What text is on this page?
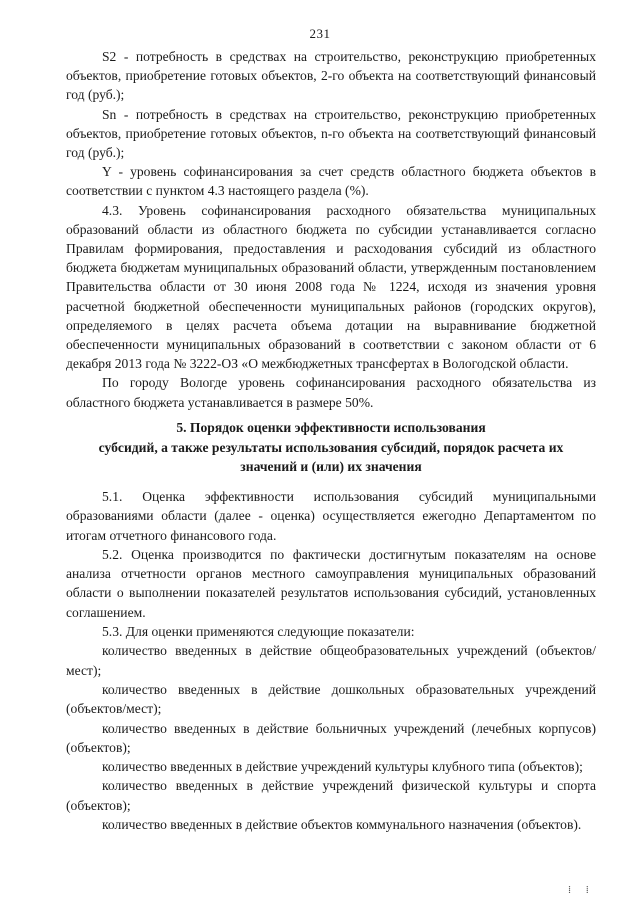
231

S2 - потребность в средствах на строительство, реконструкцию приобретенных объектов, приобретение готовых объектов, 2-го объекта на соответствующий финансовый год (руб.);

Sn - потребность в средствах на строительство, реконструкцию приобретенных объектов, приобретение готовых объектов, n-го объекта на соответствующий финансовый год (руб.);

Y - уровень софинансирования за счет средств областного бюджета объектов в соответствии с пунктом 4.3 настоящего раздела (%).

4.3. Уровень софинансирования расходного обязательства муниципальных образований области из областного бюджета по субсидии устанавливается согласно Правилам формирования, предоставления и расходования субсидий из областного бюджета бюджетам муниципальных образований области, утвержденным постановлением Правительства области от 30 июня 2008 года № 1224, исходя из значения уровня расчетной бюджетной обеспеченности муниципальных районов (городских округов), определяемого в целях расчета объема дотации на выравнивание бюджетной обеспеченности муниципальных образований в соответствии с законом области от 6 декабря 2013 года № 3222-ОЗ «О межбюджетных трансфертах в Вологодской области.

По городу Вологде уровень софинансирования расходного обязательства из областного бюджета устанавливается в размере 50%.

5. Порядок оценки эффективности использования
субсидий, а также результаты использования субсидий, порядок расчета их
значений и (или) их значения

5.1. Оценка эффективности использования субсидий муниципальными образованиями области (далее - оценка) осуществляется ежегодно Департаментом по итогам отчетного финансового года.

5.2. Оценка производится по фактически достигнутым показателям на основе анализа отчетности органов местного самоуправления муниципальных образований области о выполнении показателей результатов использования субсидий, установленных соглашением.

5.3. Для оценки применяются следующие показатели:

количество введенных в действие общеобразовательных учреждений (объектов/мест);

количество введенных в действие дошкольных образовательных учреждений (объектов/мест);

количество введенных в действие больничных учреждений (лечебных корпусов) (объектов);

количество введенных в действие учреждений культуры клубного типа (объектов);

количество введенных в действие учреждений физической культуры и спорта (объектов);

количество введенных в действие объектов коммунального назначения (объектов).

⁞ ⁞
